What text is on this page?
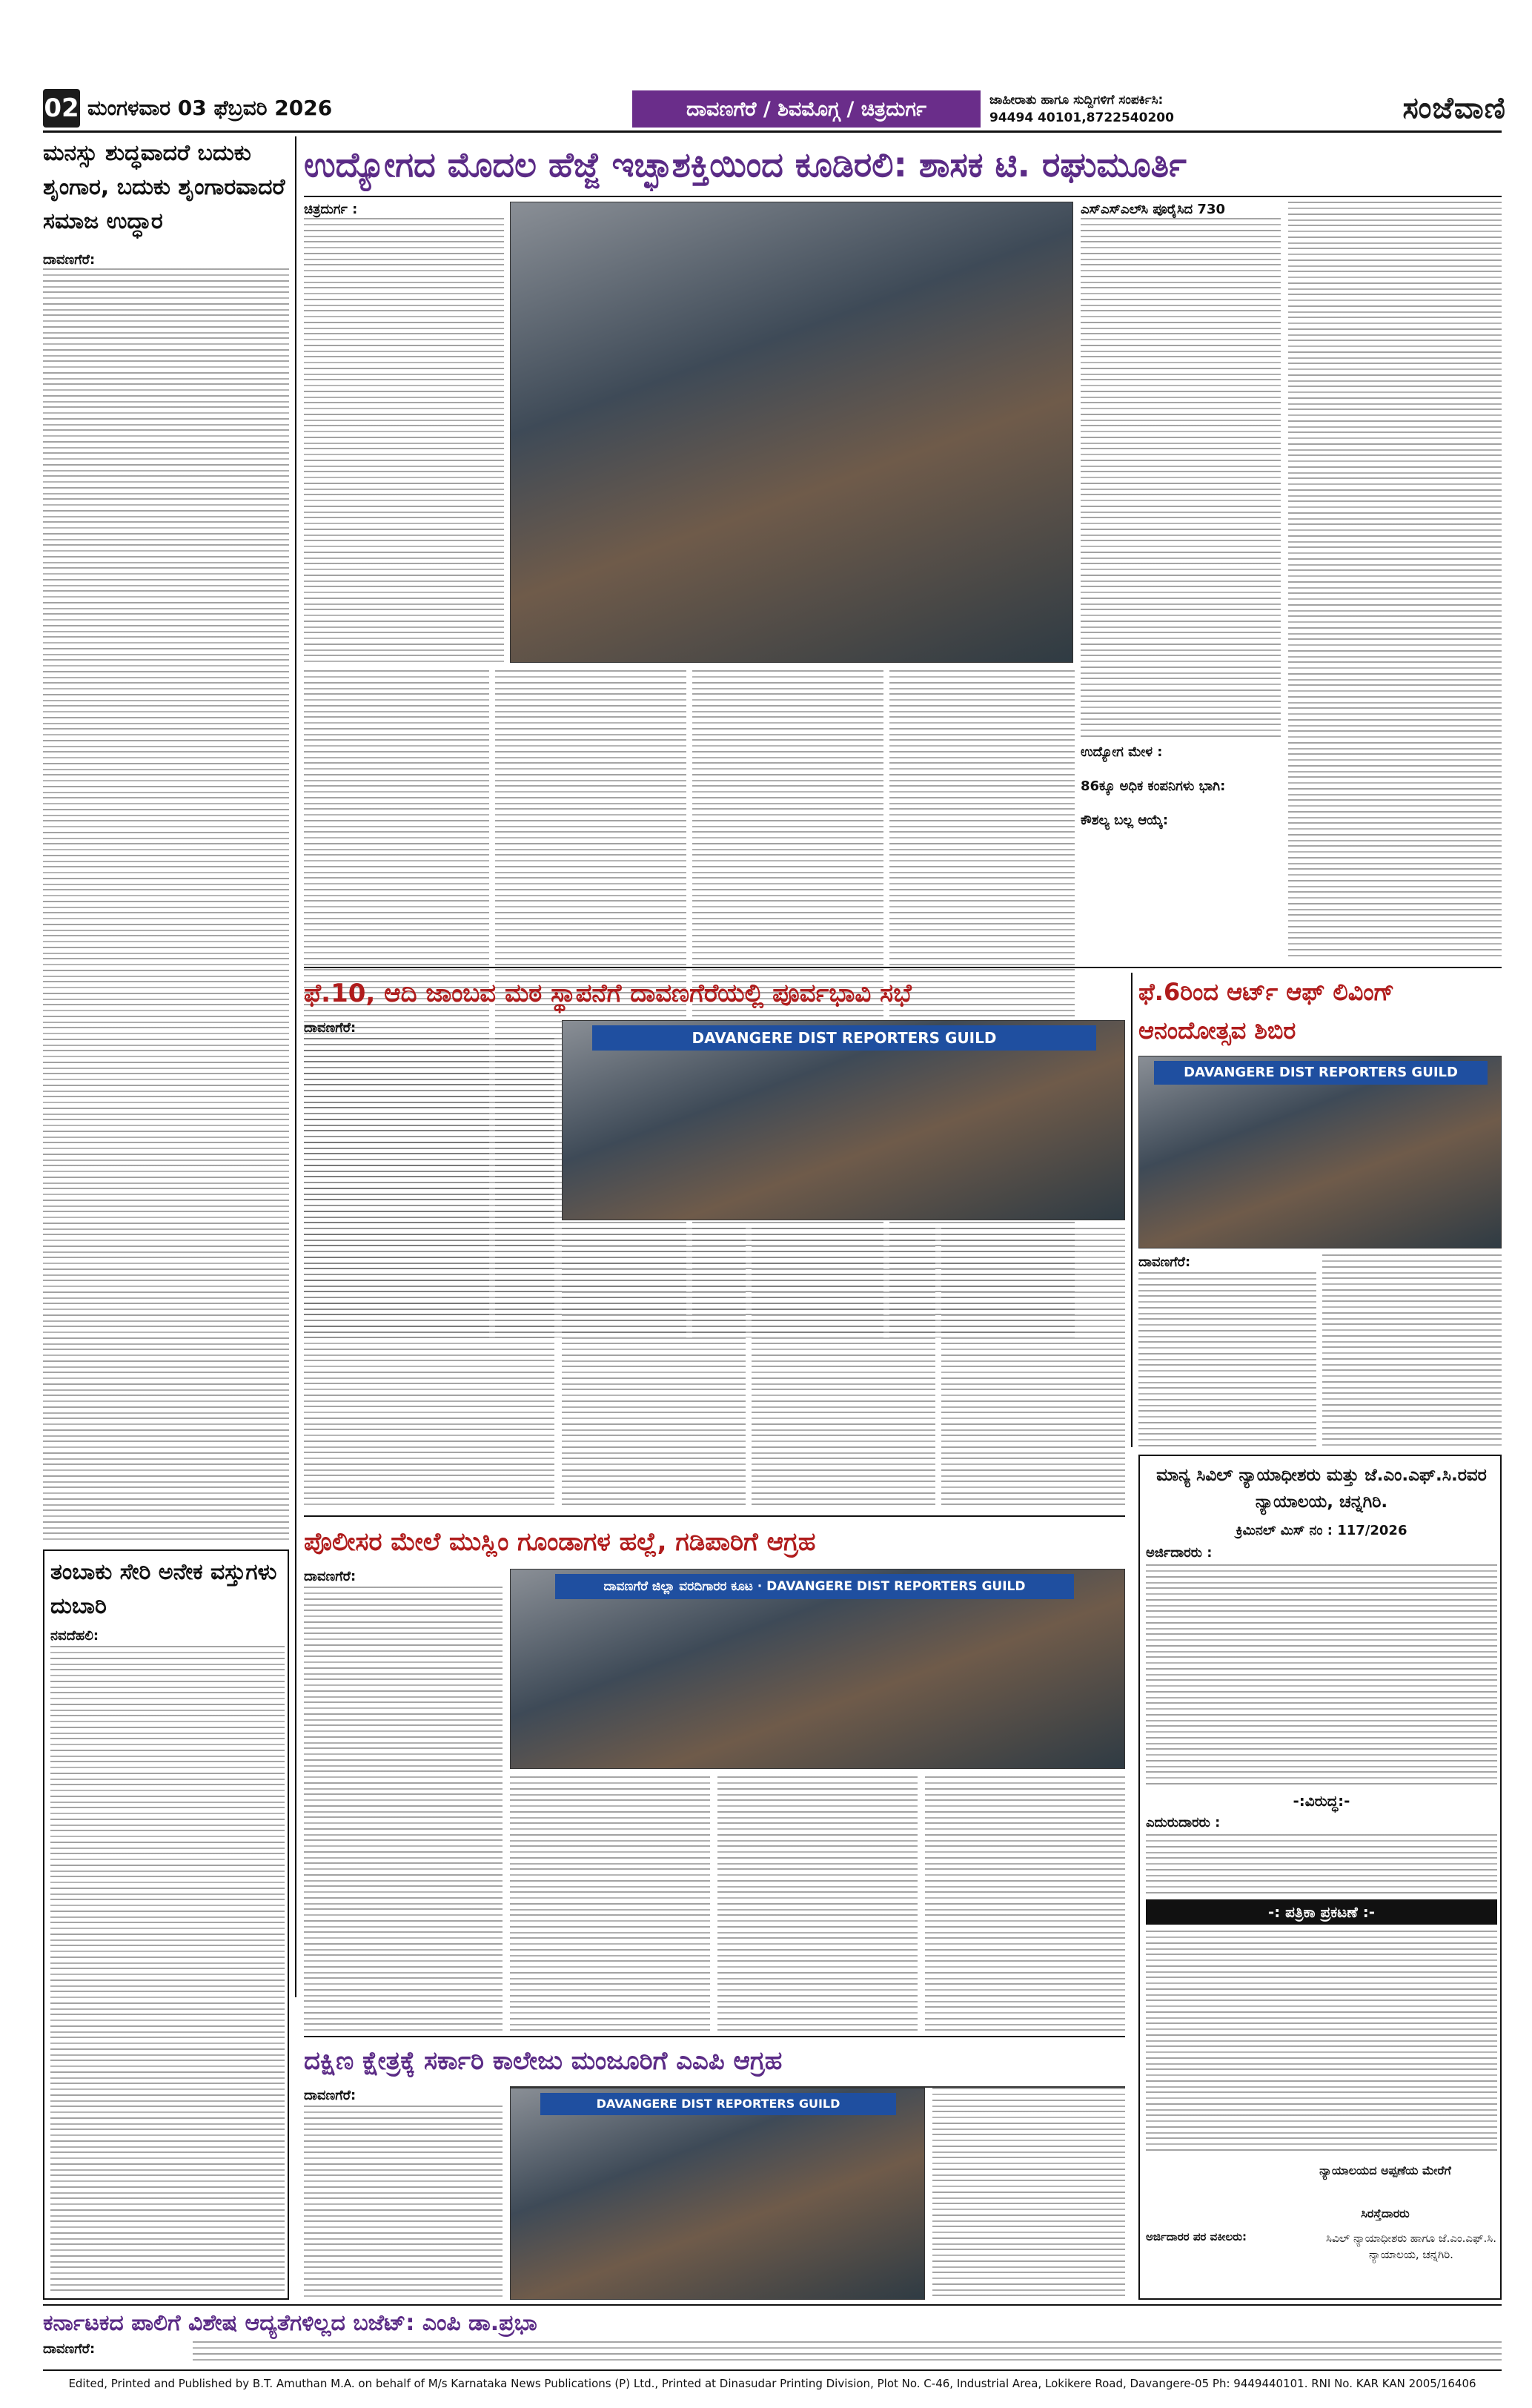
02 ಮಂಗಳವಾರ 03 ಫೆಬ್ರವರಿ 2026	ದಾವಣಗೆರೆ / ಶಿವಮೊಗ್ಗ / ಚಿತ್ರದುರ್ಗ	ಜಾಹೀರಾತು ಹಾಗೂ ಸುದ್ದಿಗಳಿಗೆ ಸಂಪರ್ಕಿಸಿ:
94494 40101,8722540200	ಸಂಜೆವಾಣಿ
ಮನಸ್ಸು ಶುದ್ಧವಾದರೆ ಬದುಕು ಶೃಂಗಾರ, ಬದುಕು ಶೃಂಗಾರವಾದರೆ ಸಮಾಜ ಉದ್ಧಾರ
ದಾವಣಗೆರೆ:
ಉದ್ಯೋಗದ ಮೊದಲ ಹೆಜ್ಜೆ ಇಚ್ಛಾಶಕ್ತಿಯಿಂದ ಕೂಡಿರಲಿ: ಶಾಸಕ ಟಿ. ರಘುಮೂರ್ತಿ
ಚಿತ್ರದುರ್ಗ :	ಎಸ್‍ಎಸ್‍ಎಲ್‍ಸಿ ಪೂರೈಸಿದ 730
ಉದ್ಯೋಗ ಮೇಳ :
86ಕ್ಕೂ ಅಧಿಕ ಕಂಪನಿಗಳು ಭಾಗಿ:
ಕೌಶಲ್ಯ ಬಲ್ಲ ಆಯ್ಕೆ:
ಫೆ.10, ಆದಿ ಜಾಂಬವ ಮಠ ಸ್ಥಾಪನೆಗೆ ದಾವಣಗೆರೆಯಲ್ಲಿ ಪೂರ್ವಭಾವಿ ಸಭೆ
DAVANGERE DIST REPORTERS GUILD
ದಾವಣಗೆರೆ:
ಫೆ.6ರಿಂದ ಆರ್ಟ್ ಆಫ್ ಲಿವಿಂಗ್ ಆನಂದೋತ್ಸವ ಶಿಬಿರ
DAVANGERE DIST REPORTERS GUILD
ದಾವಣಗೆರೆ:
ಪೊಲೀಸರ ಮೇಲೆ ಮುಸ್ಲಿಂ ಗೂಂಡಾಗಳ ಹಲ್ಲೆ, ಗಡಿಪಾರಿಗೆ ಆಗ್ರಹ
ದಾವಣಗೆರೆ ಜಿಲ್ಲಾ ವರದಿಗಾರರ ಕೂಟ · DAVANGERE DIST REPORTERS GUILD
ದಾವಣಗೆರೆ:
ತಂಬಾಕು ಸೇರಿ ಅನೇಕ ವಸ್ತುಗಳು ದುಬಾರಿ
ನವದೆಹಲಿ:
ಮಾನ್ಯ ಸಿವಿಲ್ ನ್ಯಾಯಾಧೀಶರು ಮತ್ತು ಜೆ.ಎಂ.ಎಫ್.ಸಿ.ರವರ ನ್ಯಾಯಾಲಯ, ಚನ್ನಗಿರಿ.
ಕ್ರಿಮಿನಲ್ ಮಿಸ್ ನಂ : 117/2026
ಅರ್ಜಿದಾರರು :
-:ವಿರುದ್ಧ:-
ಎದುರುದಾರರು :
-: ಪತ್ರಿಕಾ ಪ್ರಕಟಣೆ :-
ನ್ಯಾಯಾಲಯದ ಅಪ್ಪಣೆಯ ಮೇರೆಗೆ
ಸಿರಸ್ತೆದಾರರು
ಅರ್ಜಿದಾರರ ಪರ ವಕೀಲರು:	ಸಿವಿಲ್ ನ್ಯಾಯಾಧೀಶರು ಹಾಗೂ ಜೆ.ಎಂ.ಎಫ್.ಸಿ. ನ್ಯಾಯಾಲಯ, ಚನ್ನಗಿರಿ.
ದಕ್ಷಿಣ ಕ್ಷೇತ್ರಕ್ಕೆ ಸರ್ಕಾರಿ ಕಾಲೇಜು ಮಂಜೂರಿಗೆ ಎಎಪಿ ಆಗ್ರಹ
ದಾವಣಗೆರೆ:
DAVANGERE DIST REPORTERS GUILD
ಕರ್ನಾಟಕದ ಪಾಲಿಗೆ ವಿಶೇಷ ಆದ್ಯತೆಗಳಿಲ್ಲದ ಬಜೆಟ್: ಎಂಪಿ ಡಾ.ಪ್ರಭಾ
ದಾವಣಗೆರೆ:
Edited, Printed and Published by B.T. Amuthan M.A. on behalf of M/s Karnataka News Publications (P) Ltd., Printed at Dinasudar Printing Division, Plot No. C-46, Industrial Area, Lokikere Road, Davangere-05 Ph: 9449440101. RNI No. KAR KAN 2005/16406
